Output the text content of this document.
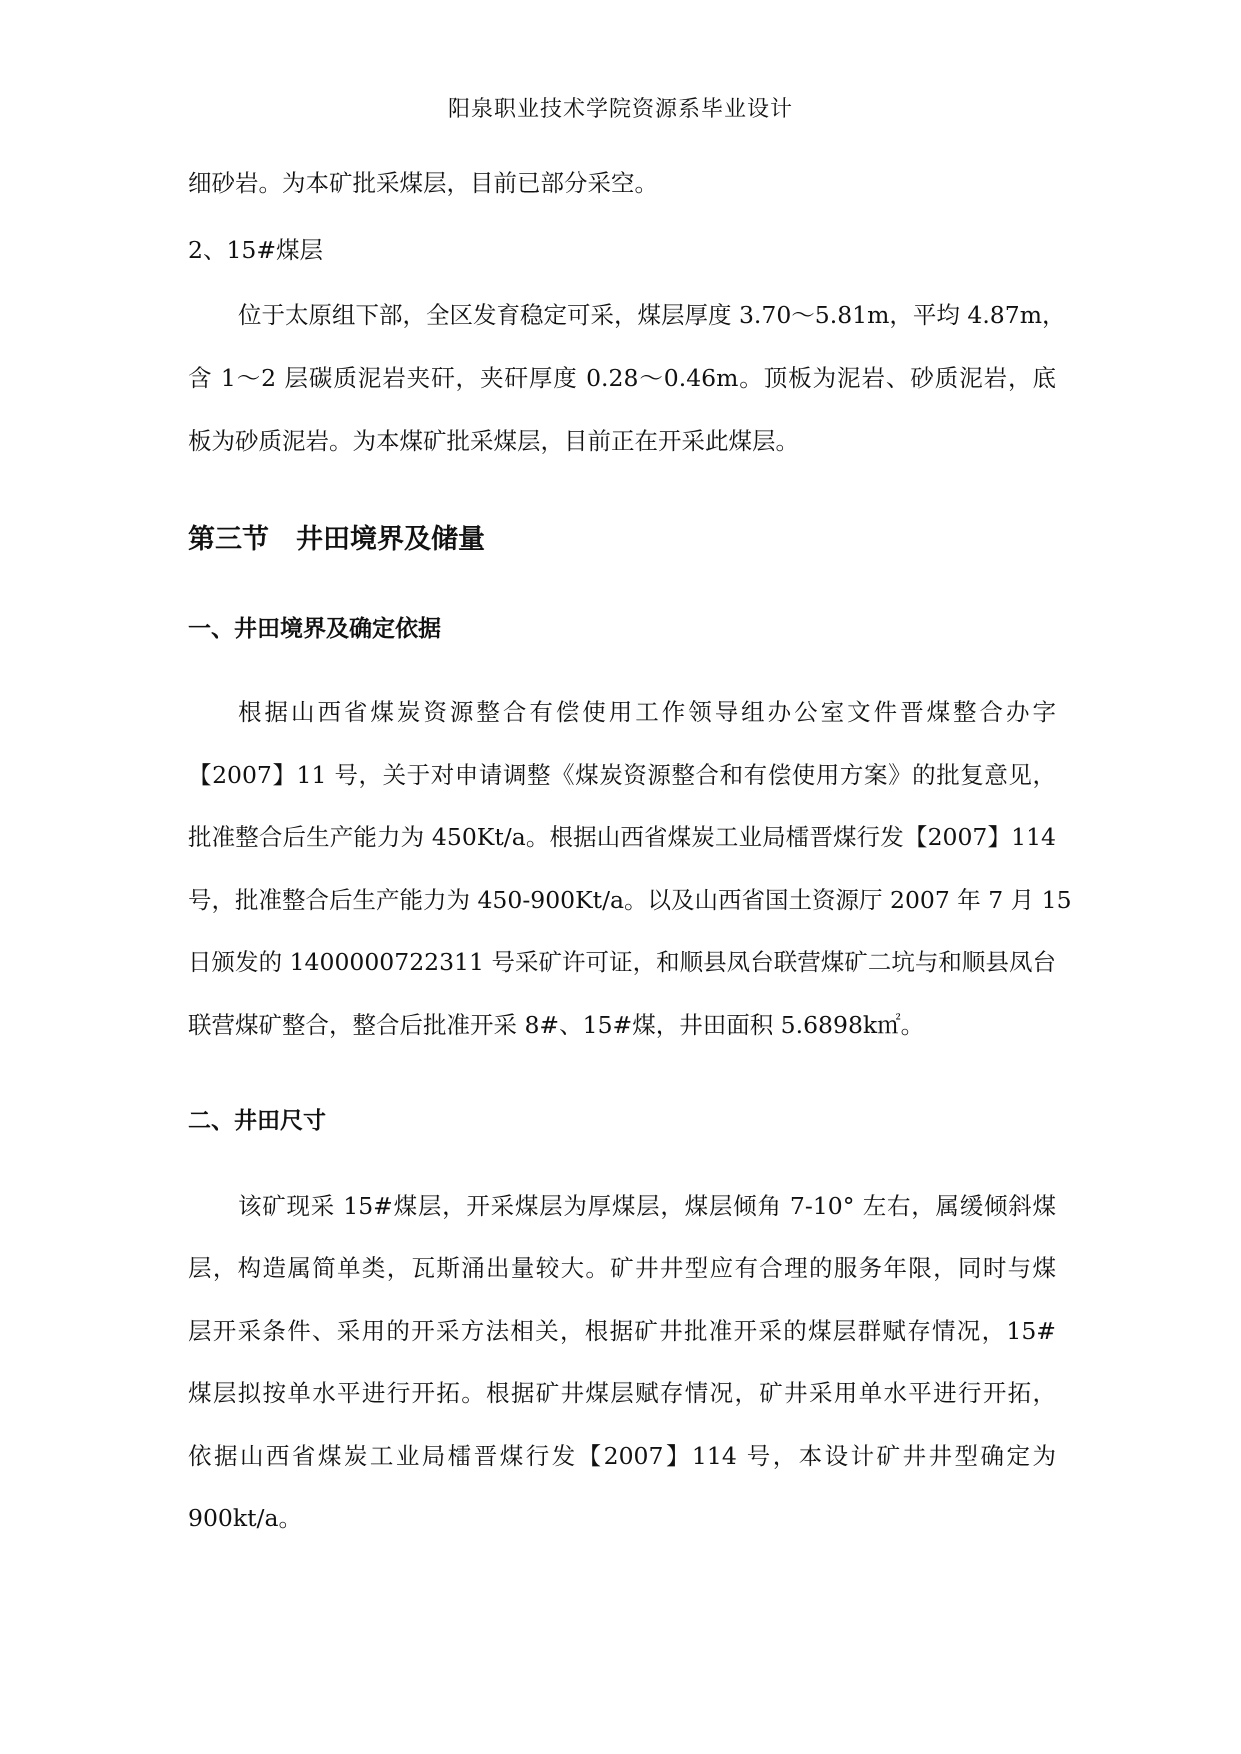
阳泉职业技术学院资源系毕业设计
细砂岩。为本矿批采煤层，目前已部分采空。
2、15#煤层
位于太原组下部，全区发育稳定可采，煤层厚度 3.70～5.81m，平均 4.87m，
含 1～2 层碳质泥岩夹矸，夹矸厚度 0.28～0.46m。顶板为泥岩、砂质泥岩，底
板为砂质泥岩。为本煤矿批采煤层，目前正在开采此煤层。
第三节　井田境界及储量
一、井田境界及确定依据
根据山西省煤炭资源整合有偿使用工作领导组办公室文件晋煤整合办字
【2007】11 号，关于对申请调整《煤炭资源整合和有偿使用方案》的批复意见，
批准整合后生产能力为 450Kt/a。根据山西省煤炭工业局檑晋煤行发【2007】114
号，批准整合后生产能力为 450-900Kt/a。以及山西省国土资源厅 2007 年 7 月 15
日颁发的 1400000722311 号采矿许可证，和顺县凤台联营煤矿二坑与和顺县凤台
联营煤矿整合，整合后批准开采 8#、15#煤，井田面积 5.6898k㎡。
二、井田尺寸
该矿现采 15#煤层，开采煤层为厚煤层，煤层倾角 7-10° 左右，属缓倾斜煤
层，构造属简单类，瓦斯涌出量较大。矿井井型应有合理的服务年限，同时与煤
层开采条件、采用的开采方法相关，根据矿井批准开采的煤层群赋存情况，15#
煤层拟按单水平进行开拓。根据矿井煤层赋存情况，矿井采用单水平进行开拓，
依据山西省煤炭工业局檑晋煤行发【2007】114 号，本设计矿井井型确定为
900kt/a。
